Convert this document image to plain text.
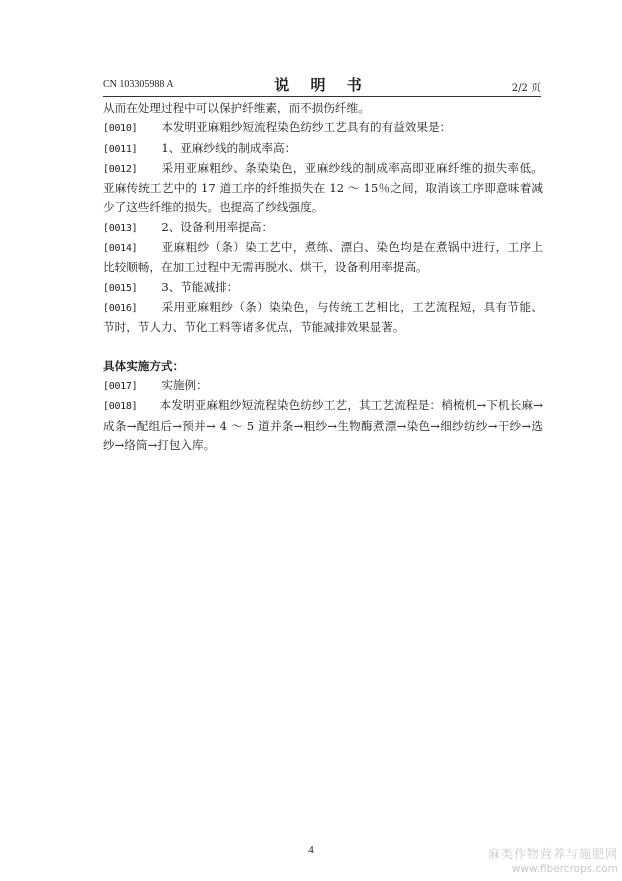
CN 103305988 A	说 明 书	2/2 页

从而在处理过程中可以保护纤维素，而不损伤纤维。

[0010] 本发明亚麻粗纱短流程染色纺纱工艺具有的有益效果是：

[0011] 1、亚麻纱线的制成率高：

[0012] 采用亚麻粗纱、条染染色，亚麻纱线的制成率高即亚麻纤维的损失率低。亚麻传统工艺中的 17 道工序的纤维损失在 12 ～ 15％之间，取消该工序即意味着减少了这些纤维的损失。也提高了纱线强度。

[0013] 2、设备利用率提高：

[0014] 亚麻粗纱（条）染工艺中，煮练、漂白、染色均是在煮锅中进行，工序上比较顺畅，在加工过程中无需再脱水、烘干，设备利用率提高。

[0015] 3、节能减排：

[0016] 采用亚麻粗纱（条）染染色，与传统工艺相比，工艺流程短，具有节能、节时，节人力、节化工料等诸多优点，节能减排效果显著。

具体实施方式：

[0017] 实施例：

[0018] 本发明亚麻粗纱短流程染色纺纱工艺，其工艺流程是：梢梳机→下机长麻→成条→配组后→预并→ 4 ～ 5 道并条→粗纱→生物酶煮漂→染色→细纱纺纱→干纱→选纱→络筒→打包入库。

4	麻类作物营养与施肥网
www.fibercrops.com
